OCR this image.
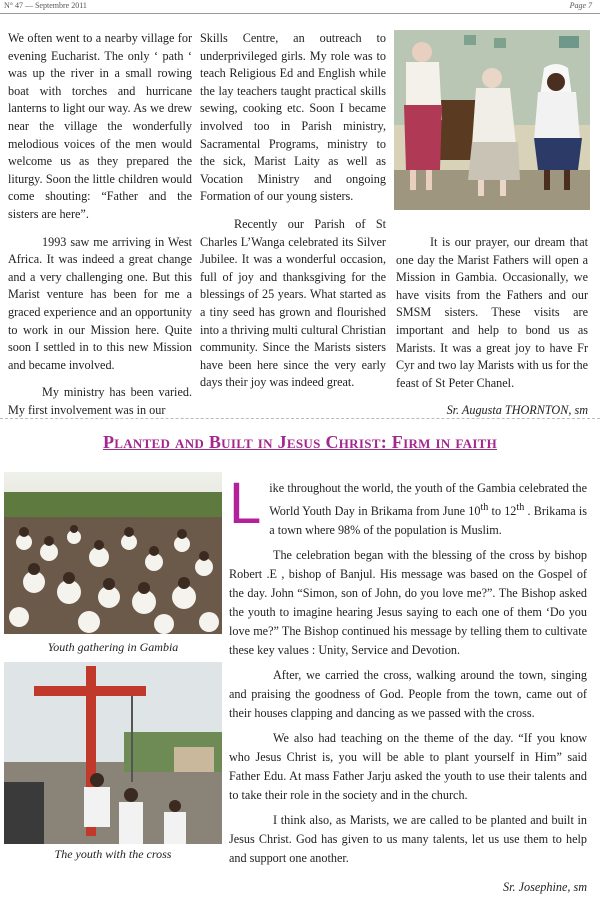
N° 47 — Septembre 2011	Page 7

We often went to a nearby village for evening Eucharist. The only ‘ path ‘ was up the river in a small rowing boat with torches and hurricane lanterns to light our way. As we drew near the village the wonderfully melodious voices of the men would welcome us as they prepared the liturgy. Soon the little children would come shouting: “Father and the sisters are here”.

1993 saw me arriving in West Africa. It was indeed a great change and a very challenging one. But this Marist venture has been for me a graced experience and an opportunity to work in our Mission here. Quite soon I settled in to this new Mission and became involved.

My ministry has been varied. My first involvement was in our

Skills Centre, an outreach to underprivileged girls. My role was to teach Religious Ed and English while the lay teachers taught practical skills sewing, cooking etc. Soon I became involved too in Parish ministry, Sacramental Programs, ministry to the sick, Marist Laity as well as Vocation Ministry and ongoing Formation of our young sisters.

Recently our Parish of St Charles L’Wanga celebrated its Silver Jubilee. It was a wonderful occasion, full of joy and thanksgiving for the blessings of 25 years. What started as a tiny seed has grown and flourished into a thriving multi cultural Christian community. Since the Marists sisters have been here since the very early days their joy was indeed great.

It is our prayer, our dream that one day the Marist Fathers will open a Mission in Gambia. Occasionally, we have visits from the Fathers and our SMSM sisters. These visits are important and help to bond us as Marists. It was a great joy to have Fr Cyr and two lay Marists with us for the feast of St Peter Chanel.

Sr. Augusta THORNTON, sm
Planted and Built in Jesus Christ: Firm in faith
Youth gathering in Gambia
The youth with the cross

Like throughout the world, the youth of the Gambia celebrated the World Youth Day in Brikama from June 10th to 12th . Brikama is a town where 98% of the population is Muslim.

The celebration began with the blessing of the cross by bishop Robert .E , bishop of Banjul. His message was based on the Gospel of the day. John “Simon, son of John, do you love me?”. The Bishop asked the youth to imagine hearing Jesus saying to each one of them ‘Do you love me?” The Bishop continued his message by telling them to cultivate these key values : Unity, Service and Devotion.

After, we carried the cross, walking around the town, singing and praising the goodness of God. People from the town, came out of their houses clapping and dancing as we passed with the cross.

We also had teaching on the theme of the day. “If you know who Jesus Christ is, you will be able to plant yourself in Him” said Father Edu. At mass Father Jarju asked the youth to use their talents and to take their role in the society and in the church.

I think also, as Marists, we are called to be planted and built in Jesus Christ. God has given to us many talents, let us use them to help and support one another.

Sr. Josephine, sm
